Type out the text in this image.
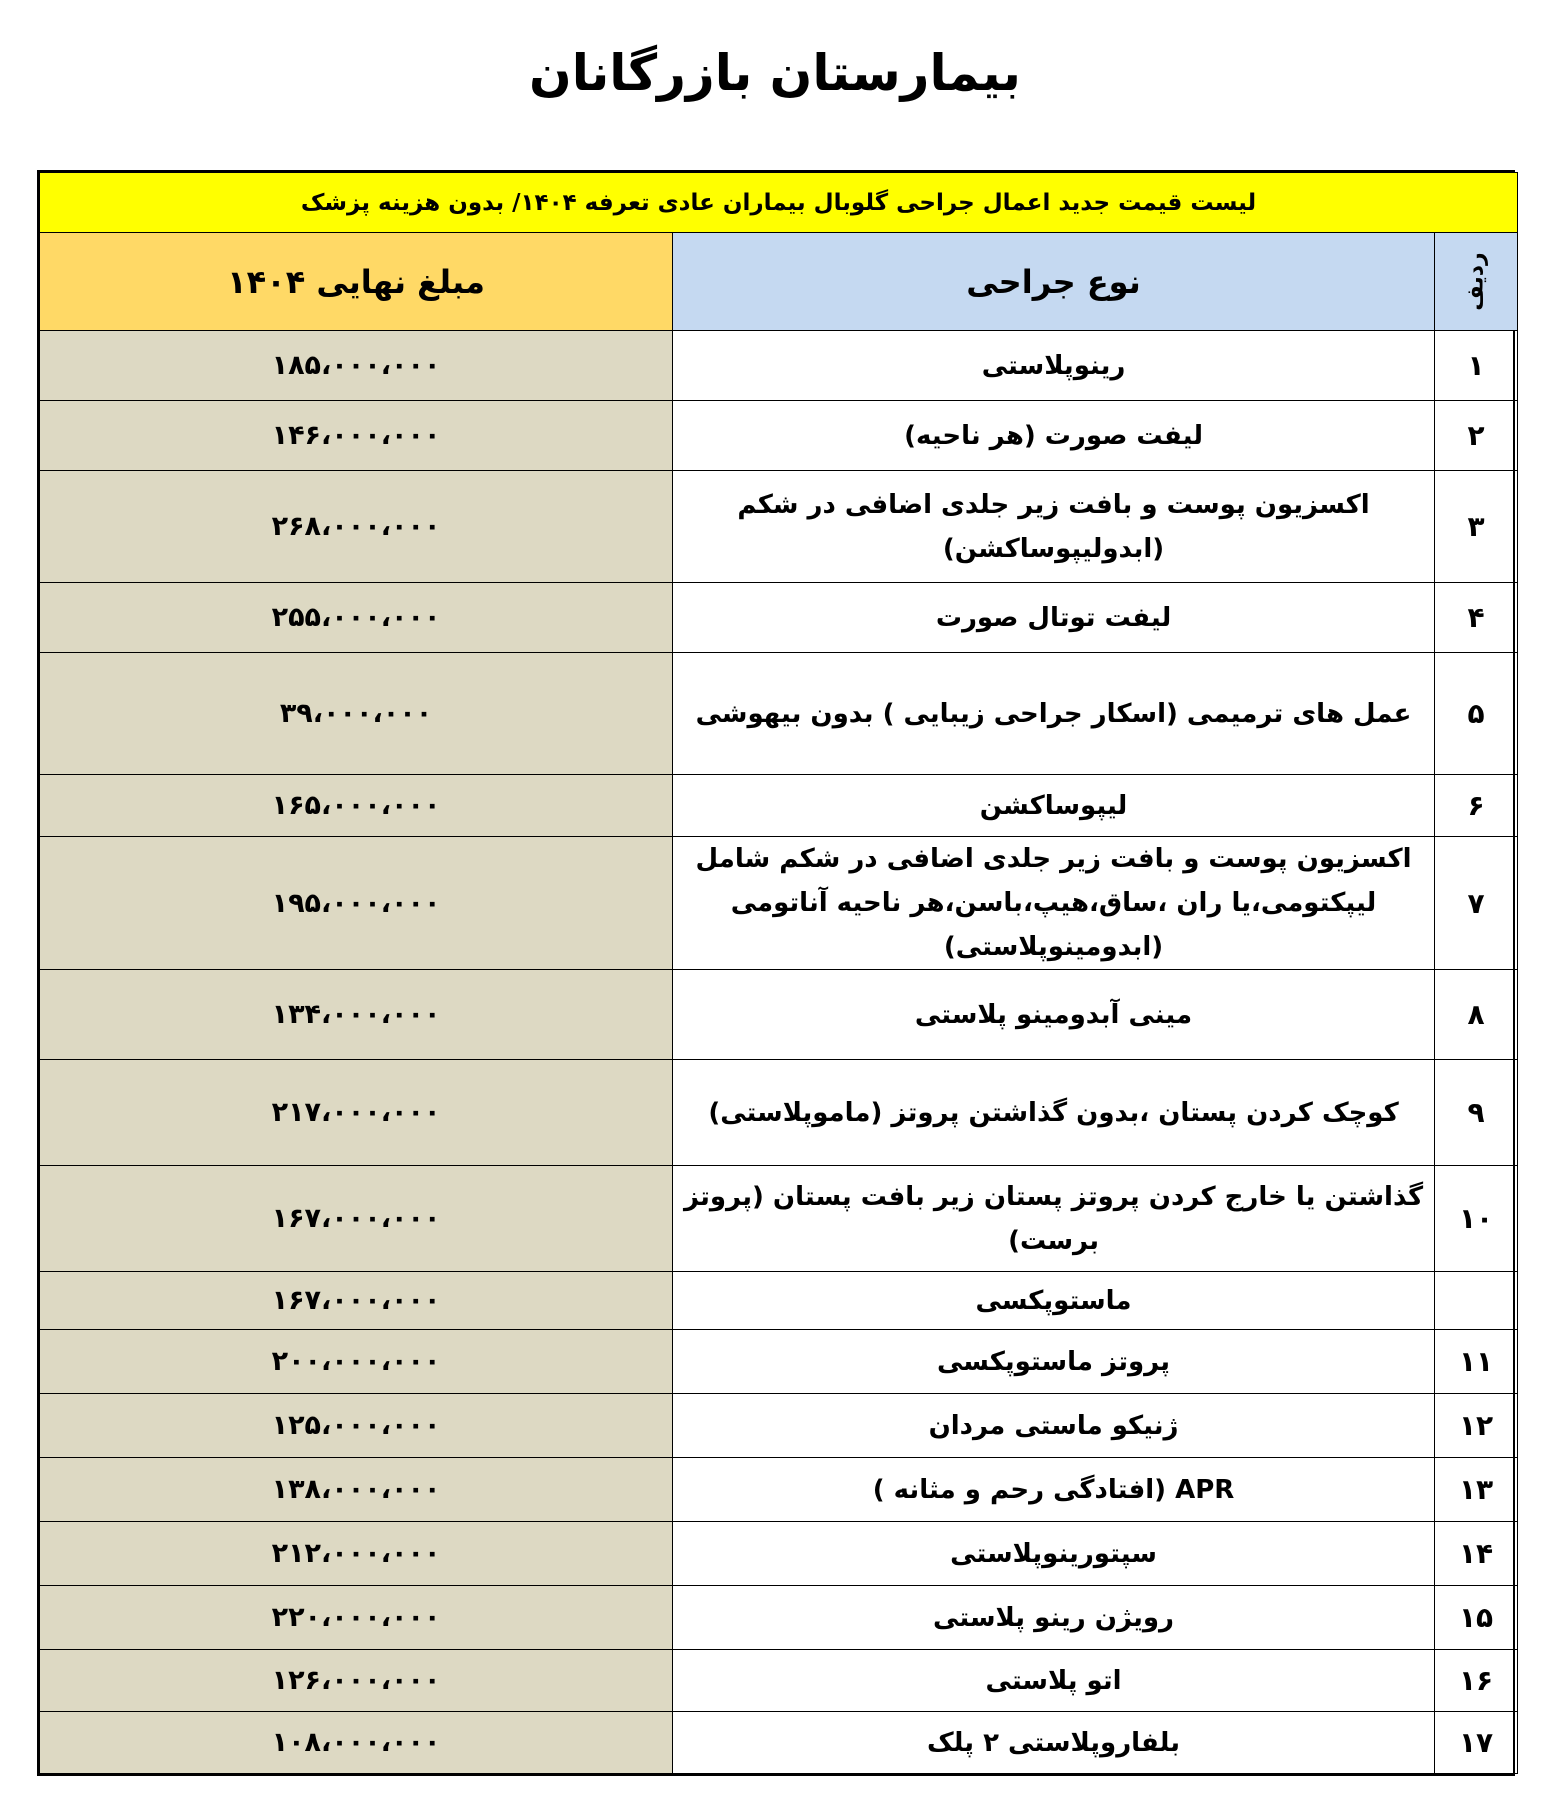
بیمارستان بازرگانان
لیست قیمت جدید اعمال جراحی گلوبال بیماران عادی تعرفه ۱۴۰۴/ بدون هزینه پزشک		
ردیف	نوع جراحی	مبلغ نهایی ۱۴۰۴
۱	رینوپلاستی	۱۸۵،۰۰۰،۰۰۰
۲	لیفت صورت (هر ناحیه)	۱۴۶،۰۰۰،۰۰۰
۳	اکسزیون پوست و بافت زیر جلدی اضافی در شکم (ابدولیپوساکشن)	۲۶۸،۰۰۰،۰۰۰
۴	لیفت توتال صورت	۲۵۵،۰۰۰،۰۰۰
۵	عمل های ترمیمی (اسکار جراحی زیبایی ) بدون بیهوشی	۳۹،۰۰۰،۰۰۰
۶	لیپوساکشن	۱۶۵،۰۰۰،۰۰۰
۷	اکسزیون پوست و بافت زیر جلدی اضافی در شکم شامل لیپکتومی،یا ران ،ساق،هیپ،باسن،هر ناحیه آناتومی (ابدومینوپلاستی)	۱۹۵،۰۰۰،۰۰۰
۸	مینی آبدومینو پلاستی	۱۳۴،۰۰۰،۰۰۰
۹	کوچک کردن پستان ،بدون گذاشتن پروتز (ماموپلاستی)	۲۱۷،۰۰۰،۰۰۰
۱۰	گذاشتن یا خارج کردن پروتز پستان زیر بافت پستان (پروتز برست)	۱۶۷،۰۰۰،۰۰۰
	ماستوپکسی	۱۶۷،۰۰۰،۰۰۰
۱۱	پروتز ماستوپکسی	۲۰۰،۰۰۰،۰۰۰
۱۲	ژنیکو ماستی مردان	۱۲۵،۰۰۰،۰۰۰
۱۳	APR (افتادگی رحم و مثانه )	۱۳۸،۰۰۰،۰۰۰
۱۴	سپتورینوپلاستی	۲۱۲،۰۰۰،۰۰۰
۱۵	رویژن رینو پلاستی	۲۲۰،۰۰۰،۰۰۰
۱۶	اتو پلاستی	۱۲۶،۰۰۰،۰۰۰
۱۷	بلفاروپلاستی ۲ پلک	۱۰۸،۰۰۰،۰۰۰
